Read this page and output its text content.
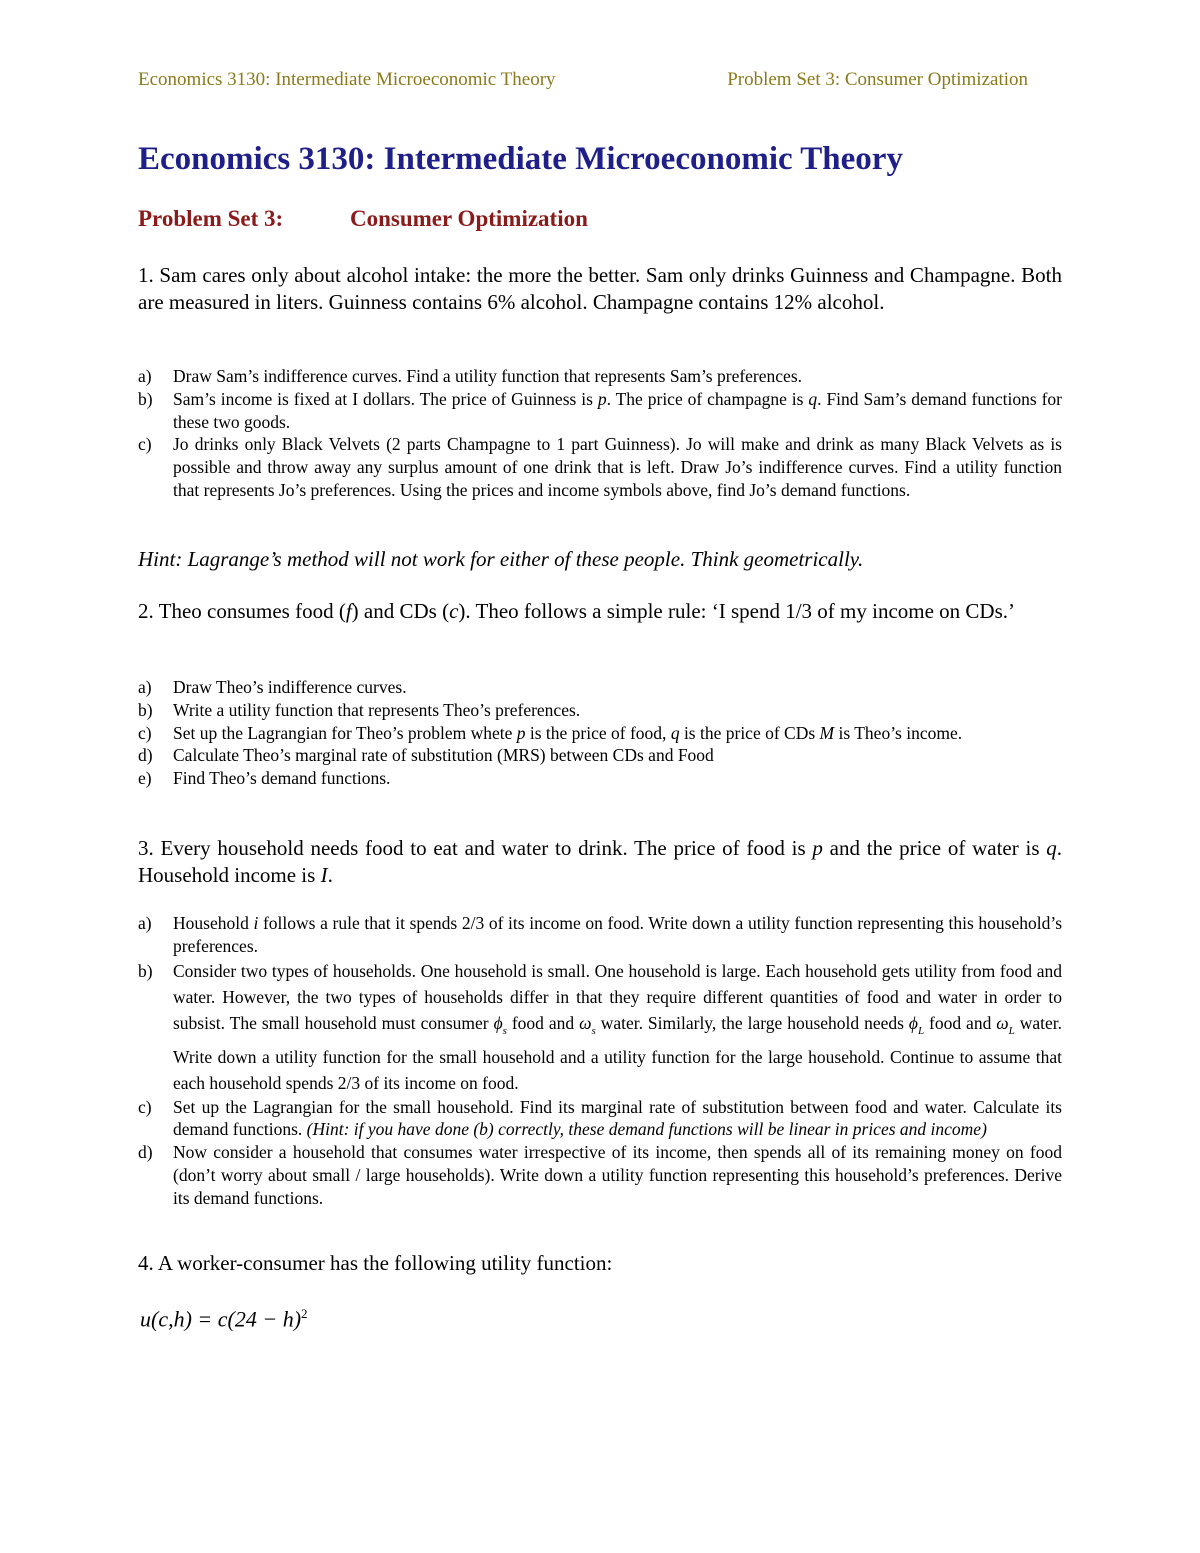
Economics 3130: Intermediate Microeconomic Theory	Problem Set 3: Consumer Optimization
Economics 3130: Intermediate Microeconomic Theory
Problem Set 3:	Consumer Optimization

1. Sam cares only about alcohol intake: the more the better. Sam only drinks Guinness and Champagne. Both are measured in liters. Guinness contains 6% alcohol. Champagne contains 12% alcohol.

a) Draw Sam’s indifference curves. Find a utility function that represents Sam’s preferences.
b) Sam’s income is fixed at I dollars. The price of Guinness is p. The price of champagne is q. Find Sam’s demand functions for these two goods.
c) Jo drinks only Black Velvets (2 parts Champagne to 1 part Guinness). Jo will make and drink as many Black Velvets as is possible and throw away any surplus amount of one drink that is left. Draw Jo’s indifference curves. Find a utility function that represents Jo’s preferences. Using the prices and income symbols above, find Jo’s demand functions.

Hint: Lagrange’s method will not work for either of these people. Think geometrically.

2. Theo consumes food (f) and CDs (c). Theo follows a simple rule: ‘I spend 1/3 of my income on CDs.’

a) Draw Theo’s indifference curves.
b) Write a utility function that represents Theo’s preferences.
c) Set up the Lagrangian for Theo’s problem whete p is the price of food, q is the price of CDs M is Theo’s income.
d) Calculate Theo’s marginal rate of substitution (MRS) between CDs and Food
e) Find Theo’s demand functions.

3. Every household needs food to eat and water to drink. The price of food is p and the price of water is q. Household income is I.

a) Household i follows a rule that it spends 2/3 of its income on food. Write down a utility function representing this household’s preferences.
b) Consider two types of households. One household is small. One household is large. Each household gets utility from food and water. However, the two types of households differ in that they require different quantities of food and water in order to subsist. The small household must consumer $\phi_s$ food and $\omega_s$ water. Similarly, the large household needs $\phi_L$ food and $\omega_L$ water. Write down a utility function for the small household and a utility function for the large household. Continue to assume that each household spends 2/3 of its income on food.
c) Set up the Lagrangian for the small household. Find its marginal rate of substitution between food and water. Calculate its demand functions. (Hint: if you have done (b) correctly, these demand functions will be linear in prices and income)
d) Now consider a household that consumes water irrespective of its income, then spends all of its remaining money on food (don’t worry about small / large households). Write down a utility function representing this household’s preferences. Derive its demand functions.

4. A worker-consumer has the following utility function:

$u(c,h) = c(24 - h)^2$
